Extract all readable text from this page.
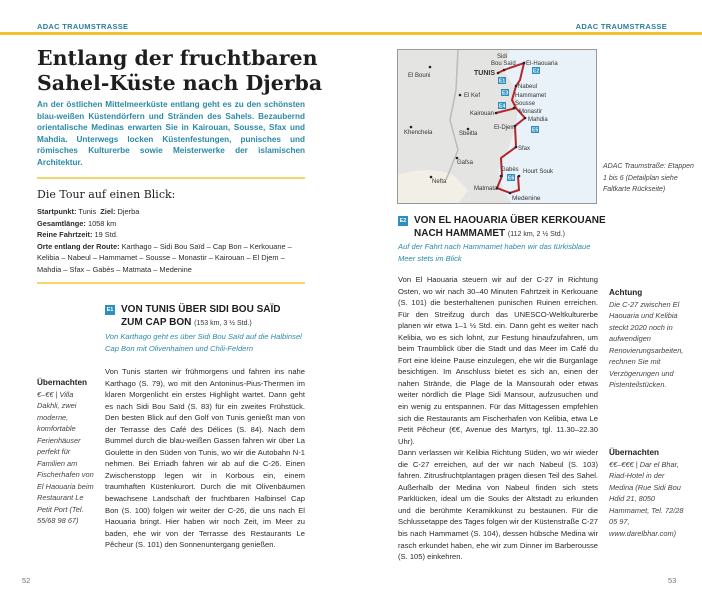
ADAC TRAUMSTRASSE
Entlang der fruchtbaren
Sahel-Küste nach Djerba
An der östlichen Mittelmeerküste entlang geht es zu den schönsten blau-weißen Küstendörfern und Stränden des Sahels. Bezaubernd orientalische Medinas erwarten Sie in Kairouan, Sousse, Sfax und Mahdia. Unterwegs locken Küstenfestungen, punisches und römisches Kulturerbe sowie Meisterwerke der islamischen Architektur.
Die Tour auf einen Blick:
Startpunkt: Tunis Ziel: Djerba
Gesamtlänge: 1058 km
Reine Fahrtzeit: 19 Std.
Orte entlang der Route: Karthago – Sidi Bou Saïd – Cap Bon – Kerkouane – Kelibia – Nabeul – Hammamet – Sousse – Monastir – Kairouan – El Djem – Mahdia – Sfax – Gabès – Matmata – Medenine
E1 VON TUNIS ÜBER SIDI BOU SAÏD
ZUM CAP BON (153 km, 3 ½ Std.)
Von Karthago geht es über Sidi Bou Saïd auf die Halbinsel Cap Bon mit Olivenhainen und Chili-Feldern
Übernachten

€–€€ | Villa Dakhli, zwei moderne, komfortable Ferienhäuser perfekt für Familien am Fischerhafen von El Haouaria beim Restaurant Le Petit Port (Tel. 55/68 98 67)

Von Tunis starten wir frühmorgens und fahren ins nahe Karthago (S. 79), wo mit den Antoninus-Pius-Thermen im klaren Morgenlicht ein erstes Highlight wartet. Dann geht es nach Sidi Bou Saïd (S. 83) für ein zweites Frühstück. Den besten Blick auf den Golf von Tunis genießt man von der Terrasse des Café des Délices (S. 84). Nach dem Bummel durch die blau-weißen Gassen fahren wir über La Goulette in den Süden von Tunis, wo wir die Autobahn N-1 nehmen. Bei Erriadh fahren wir ab auf die C-26. Einen Zwischenstopp legen wir in Korbous ein, einem traumhaften Küstenkurort. Durch die mit Olivenbäumen bewachsene Landschaft der fruchtbaren Halbinsel Cap Bon (S. 100) folgen wir weiter der C-26, die uns nach El Haouaria bringt. Hier haben wir noch Zeit, im Meer zu baden, ehe wir von der Terrasse des Restaurants Le Pêcheur (S. 101) den Sonnenuntergang genießen.
52
ADAC TRAUMSTRASSE
Sidi
Bou Saïd El-Haouaria
TUNIS
El Bouni
Nabeul
Hammamet
El Kef
Sousse
Monastir
Kairouan
Mahdia
Khenchela	Sbeitla
El-Djem
Sfax
Gafsa
Gabès Hourt Souk
Nefta
Matmata
Medenine
E1
E2
E3
E4
E5
E6
ADAC Traumstraße: Etappen 1 bis 6 (Detailplan siehe Faltkarte Rückseite)
E2 VON EL HAOUARIA ÜBER KERKOUANE
NACH HAMMAMET (112 km, 2 ½ Std.)
Auf der Fahrt nach Hammamet haben wir das türkisblaue Meer stets im Blick
Von El Haouaria steuern wir auf der C-27 in Richtung Osten, wo wir nach 30–40 Minuten Fahrtzeit in Kerkouane (S. 101) die besterhaltenen punischen Ruinen erreichen. Für den Streifzug durch das UNESCO-Weltkulturerbe planen wir etwa 1–1 ½ Std. ein. Dann geht es weiter nach Kelibia, wo es sich lohnt, zur Festung hinaufzufahren, um beim Traumblick über die Stadt und das Meer im Café du Fort eine kleine Pause einzulegen, ehe wir die Burganlage besichtigen. Im Anschluss bietet es sich an, einen der nahen Strände, die Plage de la Mansourah oder etwas weiter nördlich die Plage Sidi Mansour, aufzusuchen und ein wenig zu entspannen. Für das Mittagessen empfehlen sich die Restaurants am Fischerhafen von Kelibia, etwa Le Petit Pêcheur (€€, Avenue des Martyrs, tgl. 11.30–22.30 Uhr).
Dann verlassen wir Kelibia Richtung Süden, wo wir wieder die C-27 erreichen, auf der wir nach Nabeul (S. 103) fahren. Zitrusfruchtplantagen prägen diesen Teil des Sahel. Außerhalb der Medina von Nabeul finden sich stets Parklücken, ideal um die Souks der Altstadt zu erkunden und die berühmte Keramikkunst zu bestaunen. Für die Schlussetappe des Tages folgen wir der Küstenstraße C-27 bis nach Hammamet (S. 104), dessen hübsche Medina wir rasch erkundet haben, ehe wir zum Dinner im Barberousse (S. 105) einkehren.
Achtung

Die C-27 zwischen El Haouaria und Kelibia steckt 2020 noch in aufwendigen Renovierungsarbeiten, rechnen Sie mit Verzögerungen und Pistenteilstücken.

Übernachten

€€–€€€ | Dar el Bhar, Riad-Hotel in der Medina (Rue Sidi Bou Hdid 21, 8050 Hammamet, Tel. 72/28 05 97, www.darelbhar.com)

53
